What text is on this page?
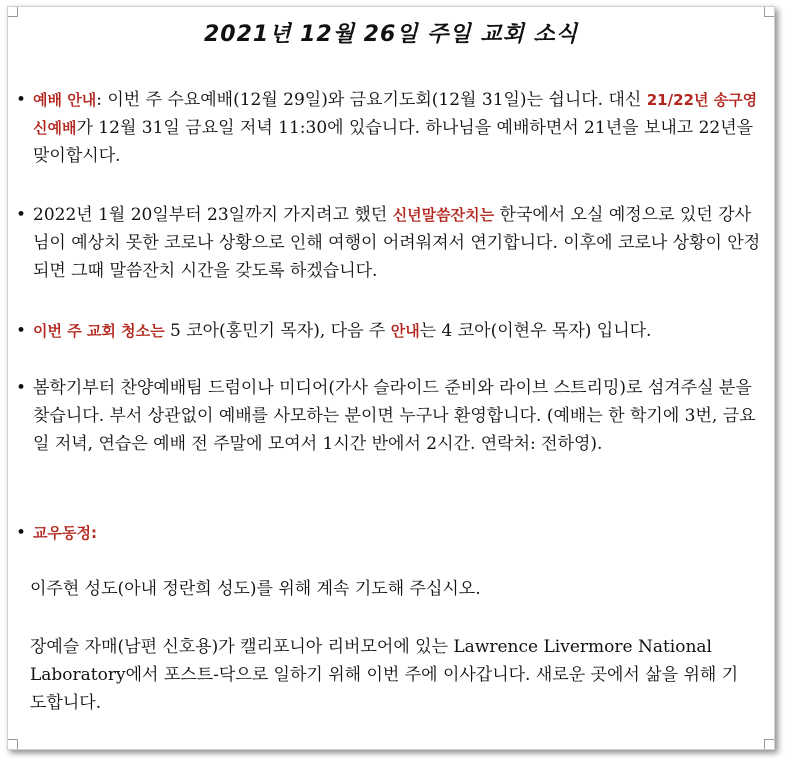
2021년 12월 26일 주일 교회 소식
• 예배 안내: 이번 주 수요예배(12월 29일)와 금요기도회(12월 31일)는 쉽니다. 대신 21/22년 송구영신예배가 12월 31일 금요일 저녁 11:30에 있습니다. 하나님을 예배하면서 21년을 보내고 22년을 맞이합시다.
• 2022년 1월 20일부터 23일까지 가지려고 했던 신년말씀잔치는 한국에서 오실 예정으로 있던 강사님이 예상치 못한 코로나 상황으로 인해 여행이 어려워져서 연기합니다. 이후에 코로나 상황이 안정되면 그때 말씀잔치 시간을 갖도록 하겠습니다.
• 이번 주 교회 청소는 5 코아(홍민기 목자), 다음 주 안내는 4 코아(이현우 목자) 입니다.
• 봄학기부터 찬양예배팀 드럼이나 미디어(가사 슬라이드 준비와 라이브 스트리밍)로 섬겨주실 분을 찾습니다. 부서 상관없이 예배를 사모하는 분이면 누구나 환영합니다. (예배는 한 학기에 3번, 금요일 저녁, 연습은 예배 전 주말에 모여서 1시간 반에서 2시간. 연락처: 전하영).
• 교우동정:
이주현 성도(아내 정란희 성도)를 위해 계속 기도해 주십시오.
장예슬 자매(남편 신호용)가 캘리포니아 리버모어에 있는 Lawrence Livermore National Laboratory에서 포스트-닥으로 일하기 위해 이번 주에 이사갑니다. 새로운 곳에서 삶을 위해 기도합니다.
